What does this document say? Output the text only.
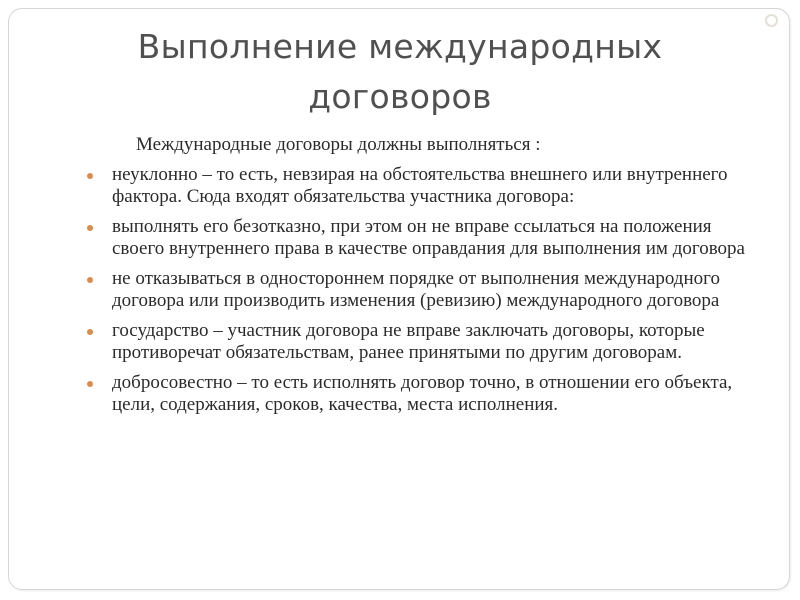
Выполнение международных договоров

Международные договоры должны выполняться :

неуклонно – то есть, невзирая на обстоятельства внешнего или внутреннего фактора. Сюда входят обязательства участника договора:
выполнять его безотказно, при этом он не вправе ссылаться на положения своего внутреннего права в качестве оправдания для выполнения им договора
не отказываться в одностороннем порядке от выполнения международного договора или производить изменения (ревизию) международного договора
государство – участник договора не вправе заключать договоры, которые противоречат обязательствам, ранее принятыми по другим договорам.
добросовестно – то есть исполнять договор точно, в отношении его объекта, цели, содержания, сроков, качества, места исполнения.
